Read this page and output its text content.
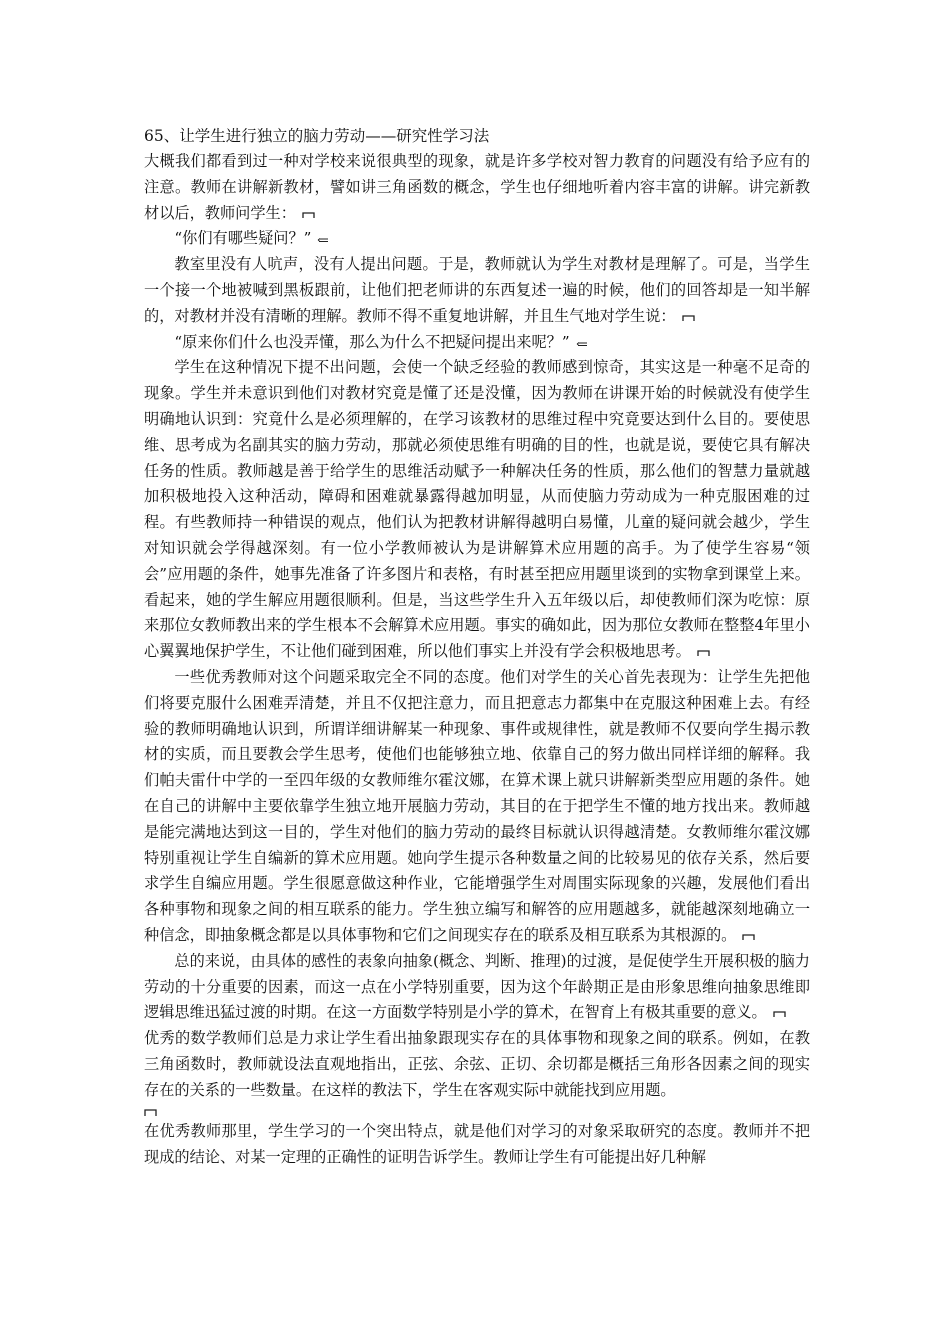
65、让学生进行独立的脑力劳动——研究性学习法

大概我们都看到过一种对学校来说很典型的现象，就是许多学校对智力教育的问题没有给予应有的注意。教师在讲解新教材，譬如讲三角函数的概念，学生也仔细地听着内容丰富的讲解。讲完新教材以后，教师问学生：

“你们有哪些疑问？”

教室里没有人吭声，没有人提出问题。于是，教师就认为学生对教材是理解了。可是，当学生一个接一个地被喊到黑板跟前，让他们把老师讲的东西复述一遍的时候，他们的回答却是一知半解的，对教材并没有清晰的理解。教师不得不重复地讲解，并且生气地对学生说：

“原来你们什么也没弄懂，那么为什么不把疑问提出来呢？”

学生在这种情况下提不出问题，会使一个缺乏经验的教师感到惊奇，其实这是一种毫不足奇的现象。学生并未意识到他们对教材究竟是懂了还是没懂，因为教师在讲课开始的时候就没有使学生明确地认识到：究竟什么是必须理解的，在学习该教材的思维过程中究竟要达到什么目的。要使思维、思考成为名副其实的脑力劳动，那就必须使思维有明确的目的性，也就是说，要使它具有解决任务的性质。教师越是善于给学生的思维活动赋予一种解决任务的性质，那么他们的智慧力量就越加积极地投入这种活动，障碍和困难就暴露得越加明显，从而使脑力劳动成为一种克服困难的过程。有些教师持一种错误的观点，他们认为把教材讲解得越明白易懂，儿童的疑问就会越少，学生对知识就会学得越深刻。有一位小学教师被认为是讲解算术应用题的高手。为了使学生容易“领会”应用题的条件，她事先准备了许多图片和表格，有时甚至把应用题里谈到的实物拿到课堂上来。看起来，她的学生解应用题很顺利。但是，当这些学生升入五年级以后，却使教师们深为吃惊：原来那位女教师教出来的学生根本不会解算术应用题。事实的确如此，因为那位女教师在整整4年里小心翼翼地保护学生，不让他们碰到困难，所以他们事实上并没有学会积极地思考。

一些优秀教师对这个问题采取完全不同的态度。他们对学生的关心首先表现为：让学生先把他们将要克服什么困难弄清楚，并且不仅把注意力，而且把意志力都集中在克服这种困难上去。有经验的教师明确地认识到，所谓详细讲解某一种现象、事件或规律性，就是教师不仅要向学生揭示教材的实质，而且要教会学生思考，使他们也能够独立地、依靠自己的努力做出同样详细的解释。我们帕夫雷什中学的一至四年级的女教师维尔霍汶娜，在算术课上就只讲解新类型应用题的条件。她在自己的讲解中主要依靠学生独立地开展脑力劳动，其目的在于把学生不懂的地方找出来。教师越是能完满地达到这一目的，学生对他们的脑力劳动的最终目标就认识得越清楚。女教师维尔霍汶娜特别重视让学生自编新的算术应用题。她向学生提示各种数量之间的比较易见的依存关系，然后要求学生自编应用题。学生很愿意做这种作业，它能增强学生对周围实际现象的兴趣，发展他们看出各种事物和现象之间的相互联系的能力。学生独立编写和解答的应用题越多，就能越深刻地确立一种信念，即抽象概念都是以具体事物和它们之间现实存在的联系及相互联系为其根源的。

总的来说，由具体的感性的表象向抽象(概念、判断、推理)的过渡，是促使学生开展积极的脑力劳动的十分重要的因素，而这一点在小学特别重要，因为这个年龄期正是由形象思维向抽象思维即逻辑思维迅猛过渡的时期。在这一方面数学特别是小学的算术，在智育上有极其重要的意义。

优秀的数学教师们总是力求让学生看出抽象跟现实存在的具体事物和现象之间的联系。例如，在教三角函数时，教师就设法直观地指出，正弦、余弦、正切、余切都是概括三角形各因素之间的现实存在的关系的一些数量。在这样的教法下，学生在客观实际中就能找到应用题。

在优秀教师那里，学生学习的一个突出特点，就是他们对学习的对象采取研究的态度。教师并不把现成的结论、对某一定理的正确性的证明告诉学生。教师让学生有可能提出好几种解
